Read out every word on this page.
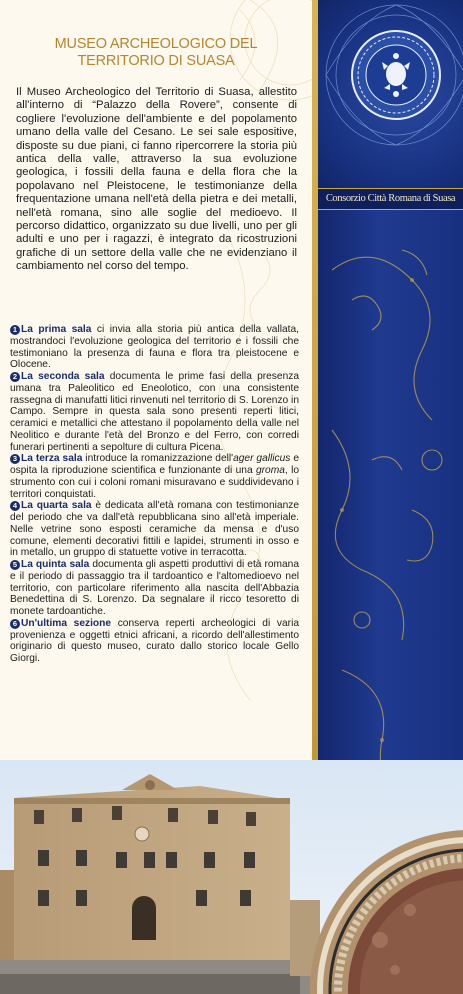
MUSEO ARCHEOLOGICO DEL
TERRITORIO DI SUASA

Il Museo Archeologico del Territorio di Suasa, allestito all'interno di “Palazzo della Rovere”, consente di cogliere l'evoluzione dell'ambiente e del popolamento umano della valle del Cesano. Le sei sale espositive, disposte su due piani, ci fanno ripercorrere la storia più antica della valle, attraverso la sua evoluzione geologica, i fossili della fauna e della flora che la popolavano nel Pleistocene, le testimonianze della frequentazione umana nell'età della pietra e dei metalli, nell'età romana, sino alle soglie del medioevo. Il percorso didattico, organizzato su due livelli, uno per gli adulti e uno per i ragazzi, è integrato da ricostruzioni grafiche di un settore della valle che ne evidenziano il cambiamento nel corso del tempo.

1 La prima sala ci invia alla storia più antica della vallata, mostrandoci l'evoluzione geologica del territorio e i fossili che testimoniano la presenza di fauna e flora tra pleistocene e Olocene.

2 La seconda sala documenta le prime fasi della presenza umana tra Paleolitico ed Eneolotico, con una consistente rassegna di manufatti litici rinvenuti nel territorio di S. Lorenzo in Campo. Sempre in questa sala sono presenti reperti litici, ceramici e metallici che attestano il popolamento della valle nel Neolitico e durante l'età del Bronzo e del Ferro, con corredi funerari pertinenti a sepolture di cultura Picena.

3 La terza sala introduce la romanizzazione dell'ager gallicus e ospita la riproduzione scientifica e funzionante di una groma, lo strumento con cui i coloni romani misuravano e suddividevano i territori conquistati.

4 La quarta sala è dedicata all'età romana con testimonianze del periodo che va dall'età repubblicana sino all'età imperiale. Nelle vetrine sono esposti ceramiche da mensa e d'uso comune, elementi decorativi fittili e lapidei, strumenti in osso e in metallo, un gruppo di statuette votive in terracotta.

5 La quinta sala documenta gli aspetti produttivi di età romana e il periodo di passaggio tra il tardoantico e l'altomedioevo nel territorio, con particolare riferimento alla nascita dell'Abbazia Benedettina di S. Lorenzo. Da segnalare il ricco tesoretto di monete tardoantiche.

6 Un'ultima sezione conserva reperti archeologici di varia provenienza e oggetti etnici africani, a ricordo dell'allestimento originario di questo museo, curato dallo storico locale Gello Giorgi.

Consorzio Città Romana di Suasa
